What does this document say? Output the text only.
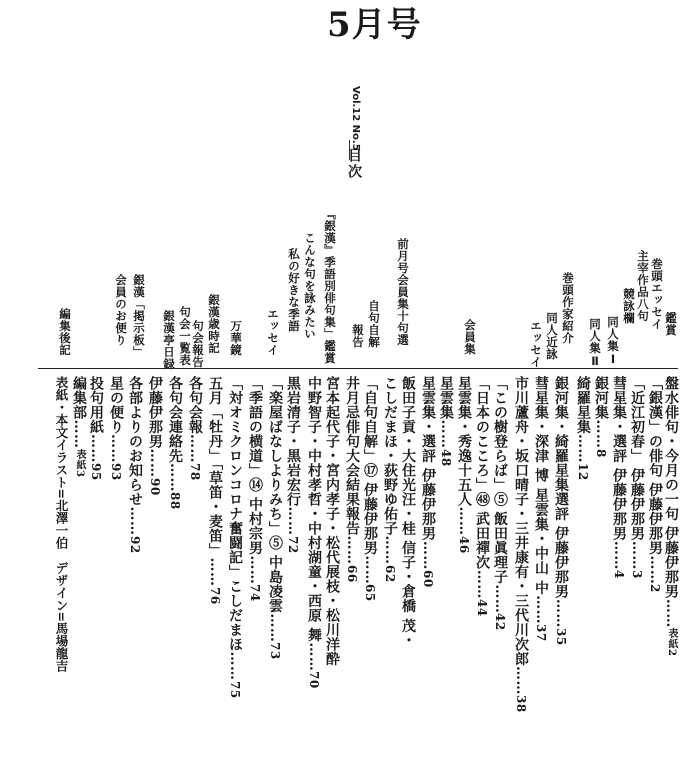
5月号
Vol.12 No.5
目次
鑑賞
巻頭エッセイ
主宰作品八句
競詠欄
同人集Ⅰ
同人集Ⅱ
巻頭作家紹介
同人近詠
エッセイ
会員集
前月号会員集十句選
自句自解
報告
『銀漢』季語別俳句集」鑑賞
こんな句を詠みたい
私の好きな季語
エッセイ
万華鏡
銀漢歳時記
句会報告
句会一覧表
銀漢亭日録
銀漢「掲示板」
会員のお便り
編集後記
盤水俳句・今月の一句 伊藤伊那男……表紙2
「銀漢」の俳句 伊藤伊那男……2
「近江初春」 伊藤伊那男……3
彗星集・選評 伊藤伊那男……4
銀河集……8
綺羅星集……12
銀河集・綺羅星集選評 伊藤伊那男……35
彗星集・深津 博 星雲集・中山 中……37
市川蘆舟・坂口晴子・三井康有・三代川次郎……38
「この樹登らば」⑤ 飯田眞理子……42
「日本のこころ」㊽ 武田禪次……44
星雲集・秀逸十五人……46
星雲集……48
星雲集・選評 伊藤伊那男……60
飯田子貢・大住光汪・桂 信子・倉橋 茂・
こしだまほ・荻野ゆ佑子……62
「自句自解」⑰ 伊藤伊那男……65
井月忌俳句大会結果報告……66
宮本起代子・宮内孝子・松代展枝・松川洋酔
中野智子・中村孝哲・中村湖童・西原 舞……70
黒岩清子・黒岩宏行……72
「楽屋ばなしよりみち」⑤ 中島凌雲……73
「季語の横道」⑭ 中村宗男……74
「対オミクロンコロナ奮闘記」こしだまほ……75
五月「牡丹」「草笛・麦笛」……76
各句会報……78
各句会連絡先……88
伊藤伊那男……90
各部よりのお知らせ……92
星の便り……93
投句用紙……95
編集部……表紙3
表紙・本文イラスト=北澤一伯　デザイン=馬場龍吉
